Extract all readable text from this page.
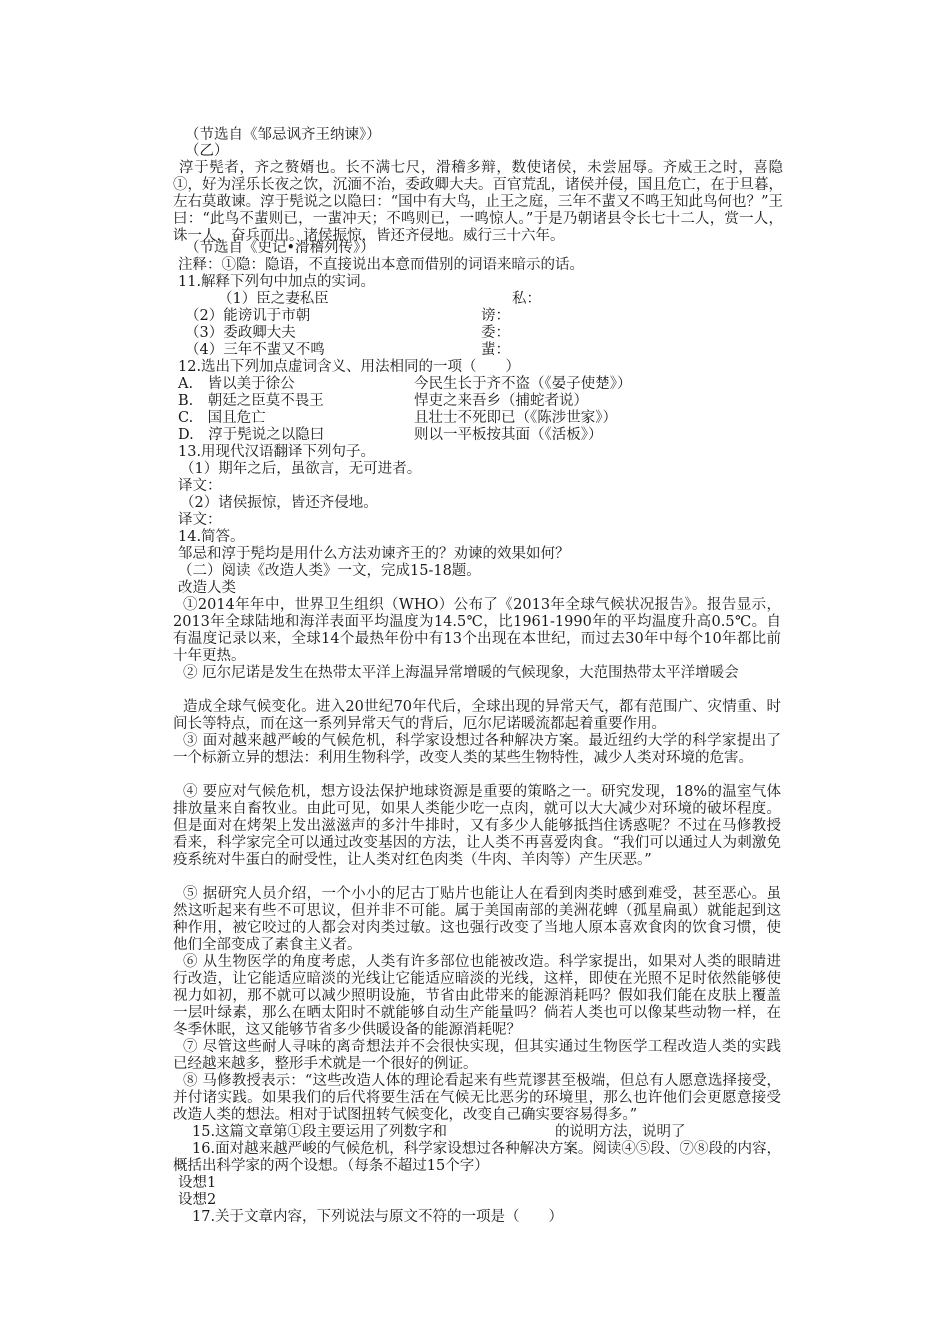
（节选自《邹忌讽齐王纳谏》）
（乙）

淳于髡者，齐之赘婿也。长不满七尺，滑稽多辩，数使诸侯，未尝屈辱。齐威王之时，喜隐①，好为淫乐长夜之饮，沉湎不治，委政卿大夫。百官荒乱，诸侯并侵，国且危亡，在于旦暮，左右莫敢谏。淳于髡说之以隐曰：“国中有大鸟，止王之庭，三年不蜚又不鸣王知此鸟何也？”王曰：“此鸟不蜚则已，一蜚冲天；不鸣则已，一鸣惊人。”于是乃朝诸县令长七十二人，赏一人，诛一人，奋兵而出。诸侯振惊，皆还齐侵地。威行三十六年。

（节选自《史记•滑稽列传》）
注释：①隐：隐语，不直接说出本意而借别的词语来暗示的话。
11.解释下列句中加点的实词。
（1）臣之妻私臣	私：
（2）能谤讥于市朝	谤：
（3）委政卿大夫	委：
（4）三年不蜚又不鸣	蜚：
12.选出下列加点虚词含义、用法相同的一项（　　）
A.　皆以美于徐公	今民生长于齐不盗（《晏子使楚》）
B.　朝廷之臣莫不畏王	悍吏之来吾乡（捕蛇者说）
C.　国且危亡	且壮士不死即已（《陈涉世家》）
D.　淳于髡说之以隐曰	则以一平板按其面（《活板》）
13.用现代汉语翻译下列句子。
（1）期年之后，虽欲言，无可进者。
译文：
（2）诸侯振惊，皆还齐侵地。
译文：
14.简答。
邹忌和淳于髡均是用什么方法劝谏齐王的？劝谏的效果如何？
（二）阅读《改造人类》一文，完成15-18题。
改造人类

①2014年年中，世界卫生组织（WHO）公布了《2013年全球气候状况报告》。报告显示，2013年全球陆地和海洋表面平均温度为14.5℃，比1961-1990年的平均温度升高0.5℃。自有温度记录以来，全球14个最热年份中有13个出现在本世纪，而过去30年中每个10年都比前十年更热。

② 厄尔尼诺是发生在热带太平洋上海温异常增暖的气候现象，大范围热带太平洋增暖会

造成全球气候变化。进入20世纪70年代后，全球出现的异常天气，都有范围广、灾情重、时间长等特点，而在这一系列异常天气的背后，厄尔尼诺暖流都起着重要作用。

③ 面对越来越严峻的气候危机，科学家设想过各种解决方案。最近纽约大学的科学家提出了一个标新立异的想法：利用生物科学，改变人类的某些生物特性，减少人类对环境的危害。

④ 要应对气候危机，想方设法保护地球资源是重要的策略之一。研究发现，18%的温室气体排放量来自畜牧业。由此可见，如果人类能少吃一点肉，就可以大大减少对环境的破坏程度。但是面对在烤架上发出滋滋声的多汁牛排时，又有多少人能够抵挡住诱惑呢？不过在马修教授看来，科学家完全可以通过改变基因的方法，让人类不再喜爱肉食。“我们可以通过人为刺激免疫系统对牛蛋白的耐受性，让人类对红色肉类（牛肉、羊肉等）产生厌恶。”

⑤ 据研究人员介绍，一个小小的尼古丁贴片也能让人在看到肉类时感到难受，甚至恶心。虽然这听起来有些不可思议，但并非不可能。属于美国南部的美洲花蜱（孤星扁虱）就能起到这种作用，被它咬过的人都会对肉类过敏。这也强行改变了当地人原本喜欢食肉的饮食习惯，使他们全部变成了素食主义者。

⑥ 从生物医学的角度考虑，人类有许多部位也能被改造。科学家提出，如果对人类的眼睛进行改造，让它能适应暗淡的光线让它能适应暗淡的光线，这样，即使在光照不足时依然能够使视力如初，那不就可以减少照明设施，节省由此带来的能源消耗吗？假如我们能在皮肤上覆盖一层叶绿素，那么在晒太阳时不就能够自动生产能量吗？倘若人类也可以像某些动物一样，在冬季休眠，这又能够节省多少供暖设备的能源消耗呢？

⑦ 尽管这些耐人寻味的离奇想法并不会很快实现，但其实通过生物医学工程改造人类的实践已经越来越多，整形手术就是一个很好的例证。

⑧ 马修教授表示：“这些改造人体的理论看起来有些荒谬甚至极端，但总有人愿意选择接受，并付诸实践。如果我们的后代将要生活在气候无比恶劣的环境里，那么也许他们会更愿意接受改造人类的想法。相对于试图扭转气候变化，改变自己确实要容易得多。”

15.这篇文章第①段主要运用了列数字和	的说明方法，说明了

16.面对越来越严峻的气候危机，科学家设想过各种解决方案。阅读④⑤段、⑦⑧段的内容，概括出科学家的两个设想。（每条不超过15个字）

设想1
设想2
17.关于文章内容，下列说法与原文不符的一项是（　　）
